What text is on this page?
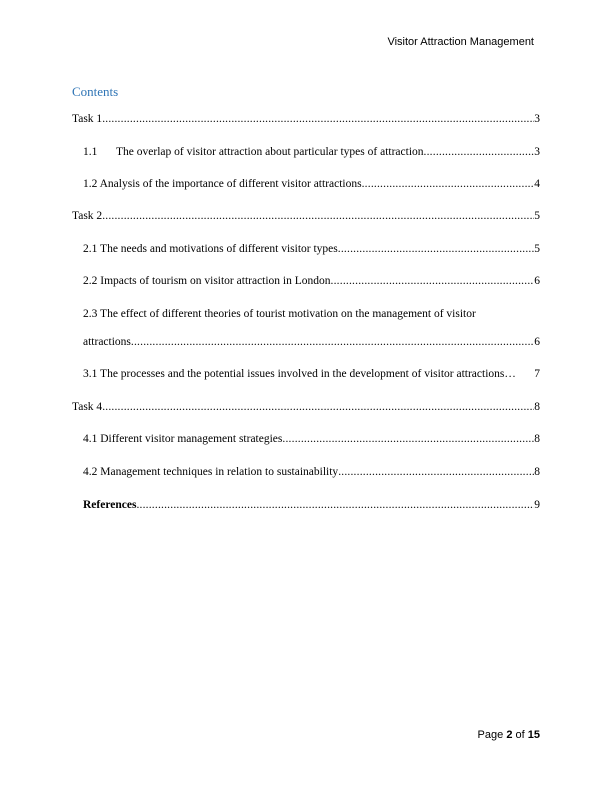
Visitor Attraction Management
Contents
Task 1 .....	3
1.1 The overlap of visitor attraction about particular types of attraction .....	3
1.2 Analysis of the importance of different visitor attractions .....	4
Task 2 .....	5
2.1 The needs and motivations of different visitor types .....	5
2.2 Impacts of tourism on visitor attraction in London .....	6
2.3 The effect of different theories of tourist motivation on the management of visitor
attractions .....	6
3.1 The processes and the potential issues involved in the development of visitor attractions… 7
Task 4 .....	8
4.1 Different visitor management strategies .....	8
4.2 Management techniques in relation to sustainability .....	8
References .....	9
Page 2 of 15
